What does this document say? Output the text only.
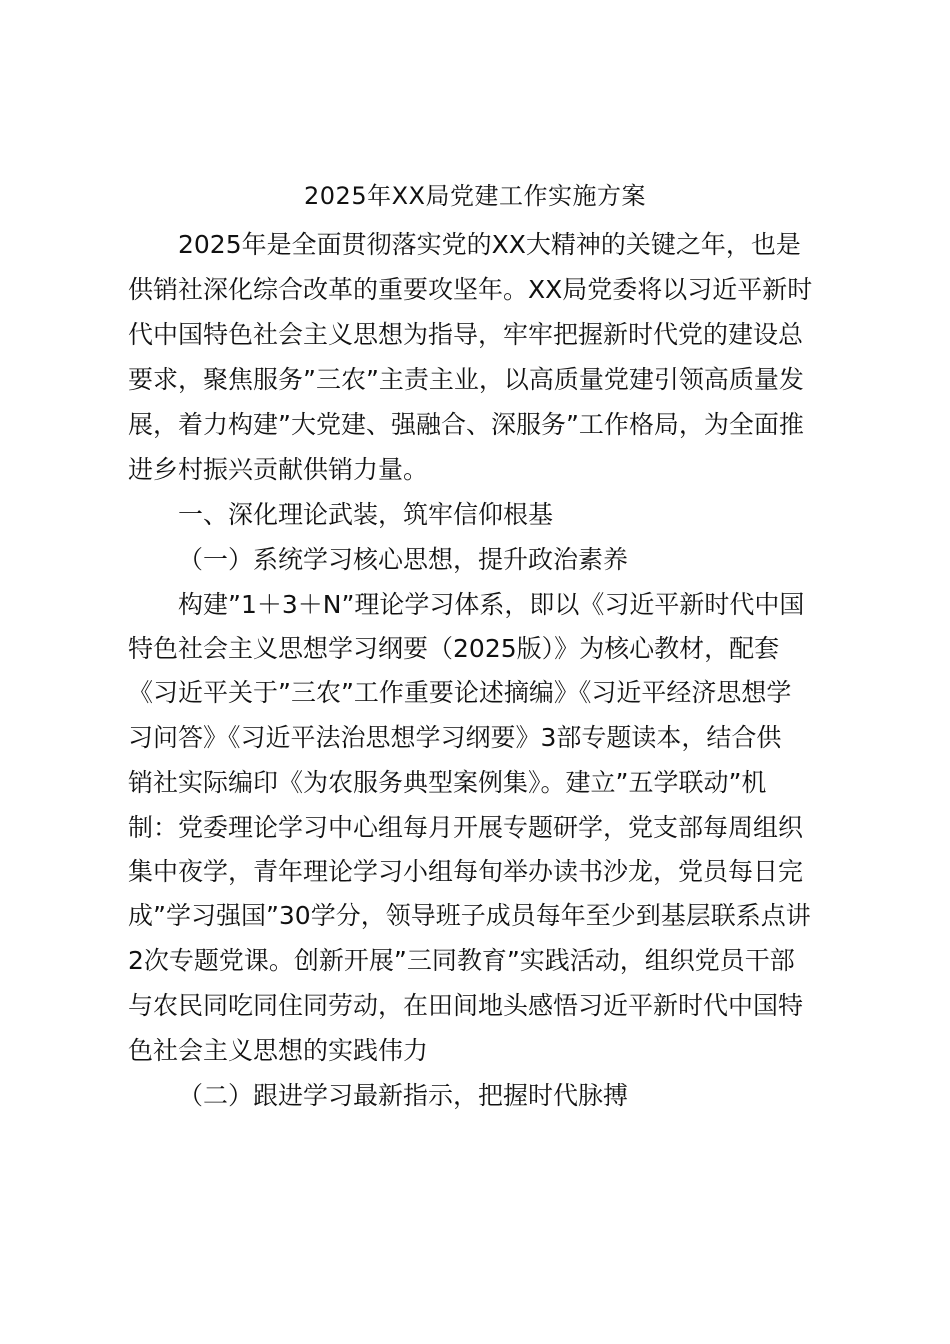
2025年XX局党建工作实施方案
2025年是全面贯彻落实党的XX大精神的关键之年，也是
供销社深化综合改革的重要攻坚年。XX局党委将以习近平新时
代中国特色社会主义思想为指导，牢牢把握新时代党的建设总
要求，聚焦服务”三农”主责主业，以高质量党建引领高质量发
展，着力构建”大党建、强融合、深服务”工作格局，为全面推
进乡村振兴贡献供销力量。
一、深化理论武装，筑牢信仰根基
（一）系统学习核心思想，提升政治素养
构建”1＋3＋N”理论学习体系，即以《习近平新时代中国
特色社会主义思想学习纲要（2025版）》为核心教材，配套
《习近平关于”三农”工作重要论述摘编》《习近平经济思想学
习问答》《习近平法治思想学习纲要》3部专题读本，结合供
销社实际编印《为农服务典型案例集》。建立”五学联动”机
制：党委理论学习中心组每月开展专题研学，党支部每周组织
集中夜学，青年理论学习小组每旬举办读书沙龙，党员每日完
成”学习强国”30学分，领导班子成员每年至少到基层联系点讲
2次专题党课。创新开展”三同教育”实践活动，组织党员干部
与农民同吃同住同劳动，在田间地头感悟习近平新时代中国特
色社会主义思想的实践伟力
（二）跟进学习最新指示，把握时代脉搏
